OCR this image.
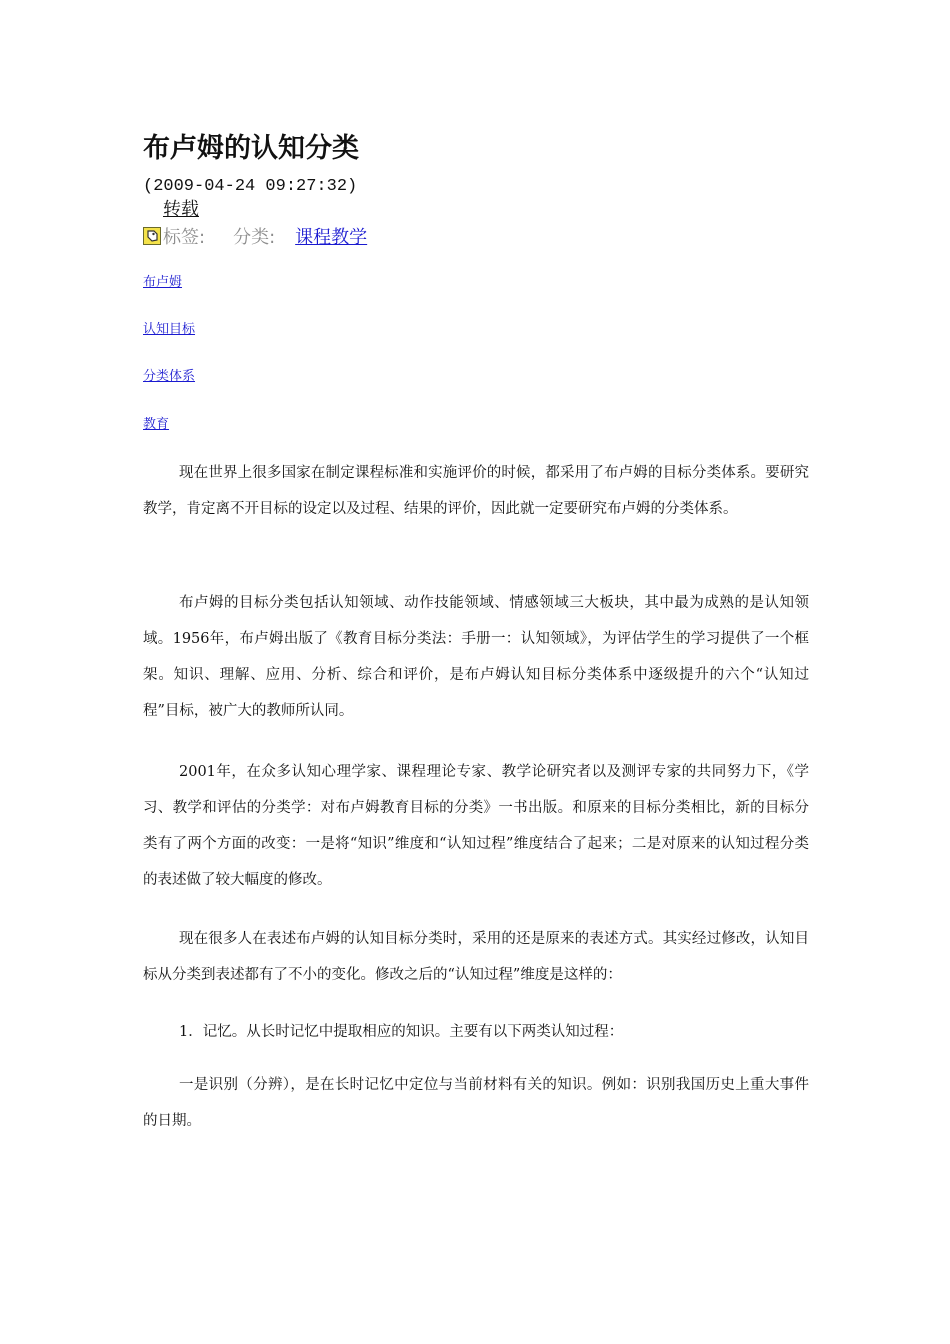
布卢姆的认知分类
(2009-04-24 09:27:32)
转载
标签: 分类: 课程教学
布卢姆
认知目标
分类体系
教育

现在世界上很多国家在制定课程标准和实施评价的时候，都采用了布卢姆的目标分类体系。要研究教学，肯定离不开目标的设定以及过程、结果的评价，因此就一定要研究布卢姆的分类体系。

布卢姆的目标分类包括认知领域、动作技能领域、情感领域三大板块，其中最为成熟的是认知领域。1956年，布卢姆出版了《教育目标分类法：手册一：认知领域》，为评估学生的学习提供了一个框架。知识、理解、应用、分析、综合和评价，是布卢姆认知目标分类体系中逐级提升的六个“认知过程”目标，被广大的教师所认同。

2001年，在众多认知心理学家、课程理论专家、教学论研究者以及测评专家的共同努力下，《学习、教学和评估的分类学：对布卢姆教育目标的分类》一书出版。和原来的目标分类相比，新的目标分类有了两个方面的改变：一是将“知识”维度和“认知过程”维度结合了起来；二是对原来的认知过程分类的表述做了较大幅度的修改。

现在很多人在表述布卢姆的认知目标分类时，采用的还是原来的表述方式。其实经过修改，认知目标从分类到表述都有了不小的变化。修改之后的“认知过程”维度是这样的：

1．记忆。从长时记忆中提取相应的知识。主要有以下两类认知过程：

一是识别（分辨），是在长时记忆中定位与当前材料有关的知识。例如：识别我国历史上重大事件的日期。
